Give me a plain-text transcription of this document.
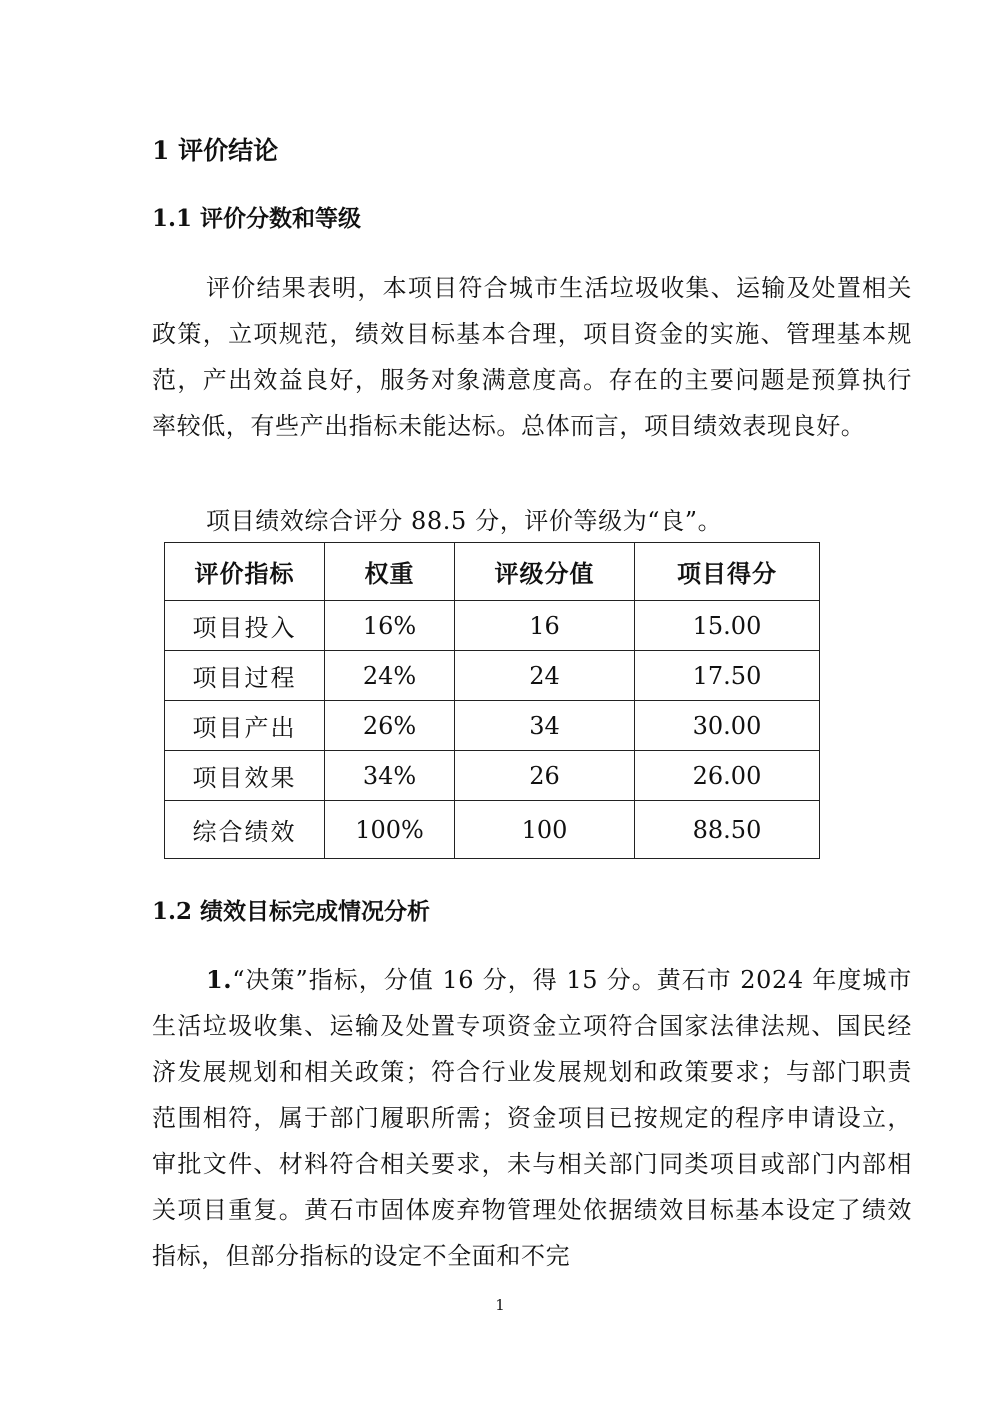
1 评价结论
1.1 评价分数和等级

评价结果表明，本项目符合城市生活垃圾收集、运输及处置相关政策，立项规范，绩效目标基本合理，项目资金的实施、管理基本规范，产出效益良好，服务对象满意度高。存在的主要问题是预算执行率较低，有些产出指标未能达标。总体而言，项目绩效表现良好。

项目绩效综合评分 88.5 分，评价等级为“良”。

评价指标	权重	评级分值	项目得分
项目投入	16%	16	15.00
项目过程	24%	24	17.50
项目产出	26%	34	30.00
项目效果	34%	26	26.00
综合绩效	100%	100	88.50
1.2 绩效目标完成情况分析

1.“决策”指标，分值 16 分，得 15 分。黄石市 2024 年度城市生活垃圾收集、运输及处置专项资金立项符合国家法律法规、国民经济发展规划和相关政策；符合行业发展规划和政策要求；与部门职责范围相符，属于部门履职所需；资金项目已按规定的程序申请设立，审批文件、材料符合相关要求，未与相关部门同类项目或部门内部相关项目重复。黄石市固体废弃物管理处依据绩效目标基本设定了绩效指标，但部分指标的设定不全面和不完

1
